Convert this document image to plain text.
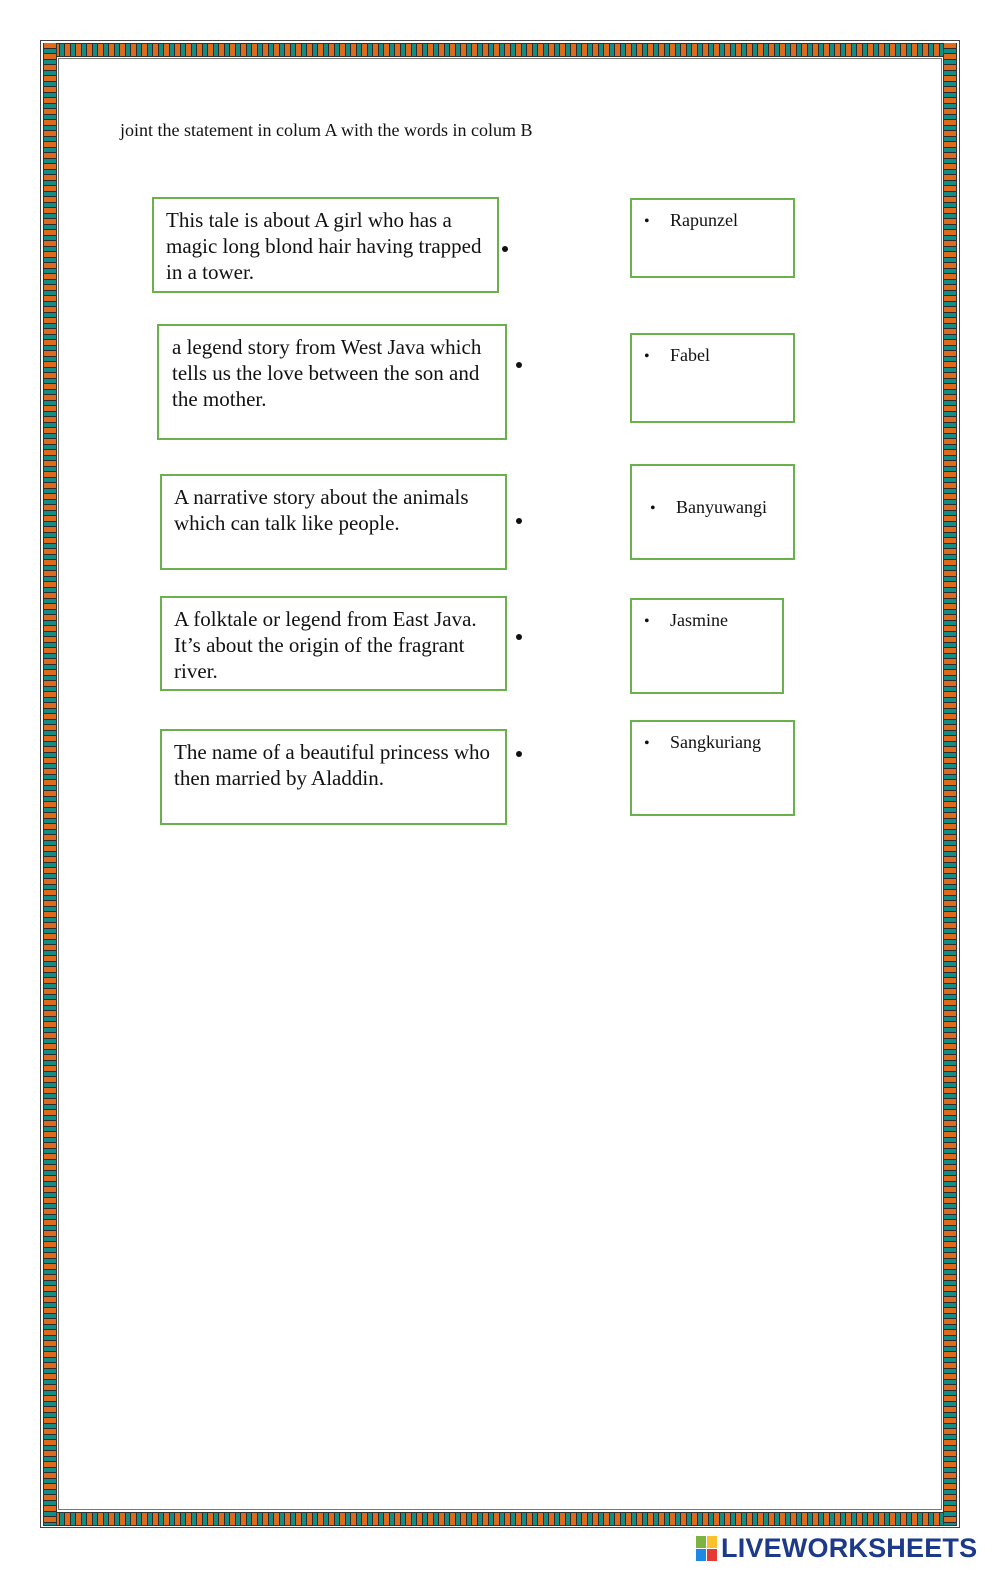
joint the statement in colum A with the words in colum B
This tale is about A girl who has a magic long blond hair having trapped in a tower.
a legend story from West Java which tells us the love between the son and the mother.
A narrative story about the animals which can talk like people.
A folktale or legend from East Java. It’s about the origin of the fragrant river.
The name of a beautiful princess who then married by Aladdin.
• Rapunzel
• Fabel
• Banyuwangi
• Jasmine
• Sangkuriang
LIVEWORKSHEETS
